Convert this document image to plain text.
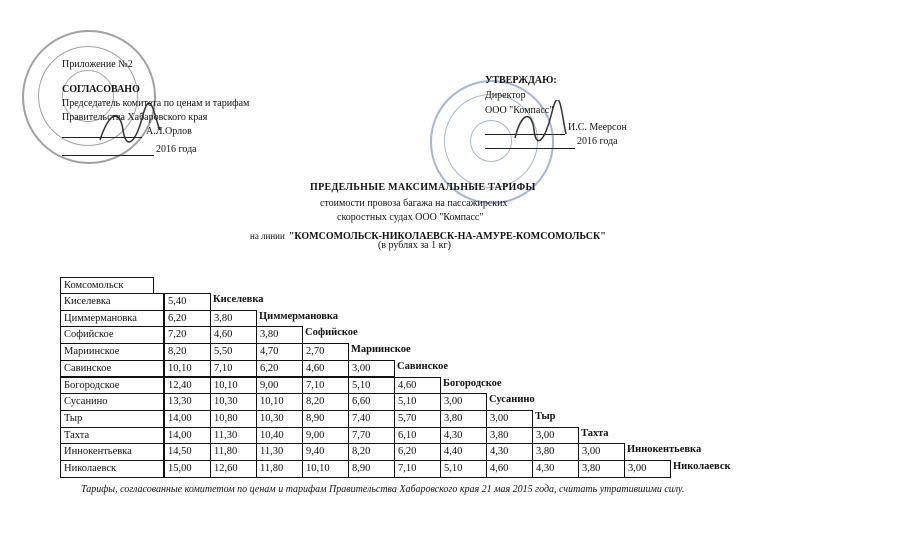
Приложение №2
СОГЛАСОВАНО
Председатель комитета по ценам и тарифам
Правительства Хабаровского края
А.Л.Орлов
2016 года
УТВЕРЖДАЮ:
Директор
ООО "Компасс"
И.С. Меерсон
2016 года
ПРЕДЕЛЬНЫЕ МАКСИМАЛЬНЫЕ ТАРИФЫ
стоимости провоза багажа на пассажирских
скоростных судах ООО "Компасс"
на линии "КОМСОМОЛЬСК-НИКОЛАЕВСК-НА-АМУРЕ-КОМСОМОЛЬСК"
(в рублях за 1 кг)
Комсомольск
Киселевка	5,40	Киселевка
Циммермановка	6,20	3,80	Циммермановка
Софийское	7,20	4,60	3,80	Софийское
Мариинское	8,20	5,50	4,70	2,70	Мариинское
Савинское	10,10	7,10	6,20	4,60	3,00	Савинское
Богородское	12,40	10,10	9,00	7,10	5,10	4,60	Богородское
Сусанино	13,30	10,30	10,10	8,20	6,60	5,10	3,00	Сусанино
Тыр	14,00	10,80	10,30	8,90	7,40	5,70	3,80	3,00	Тыр
Тахта	14,00	11,30	10,40	9,00	7,70	6,10	4,30	3,80	3,00	Тахта
Иннокентьевка	14,50	11,80	11,30	9,40	8,20	6,20	4,40	4,30	3,80	3,00	Иннокентьевка
Николаевск	15,00	12,60	11,80	10,10	8,90	7,10	5,10	4,60	4,30	3,80	3,00	Николаевск
Тарифы, согласованные комитетом по ценам и тарифам Правительства Хабаровского края 21 мая 2015 года, считать утратившими силу.
